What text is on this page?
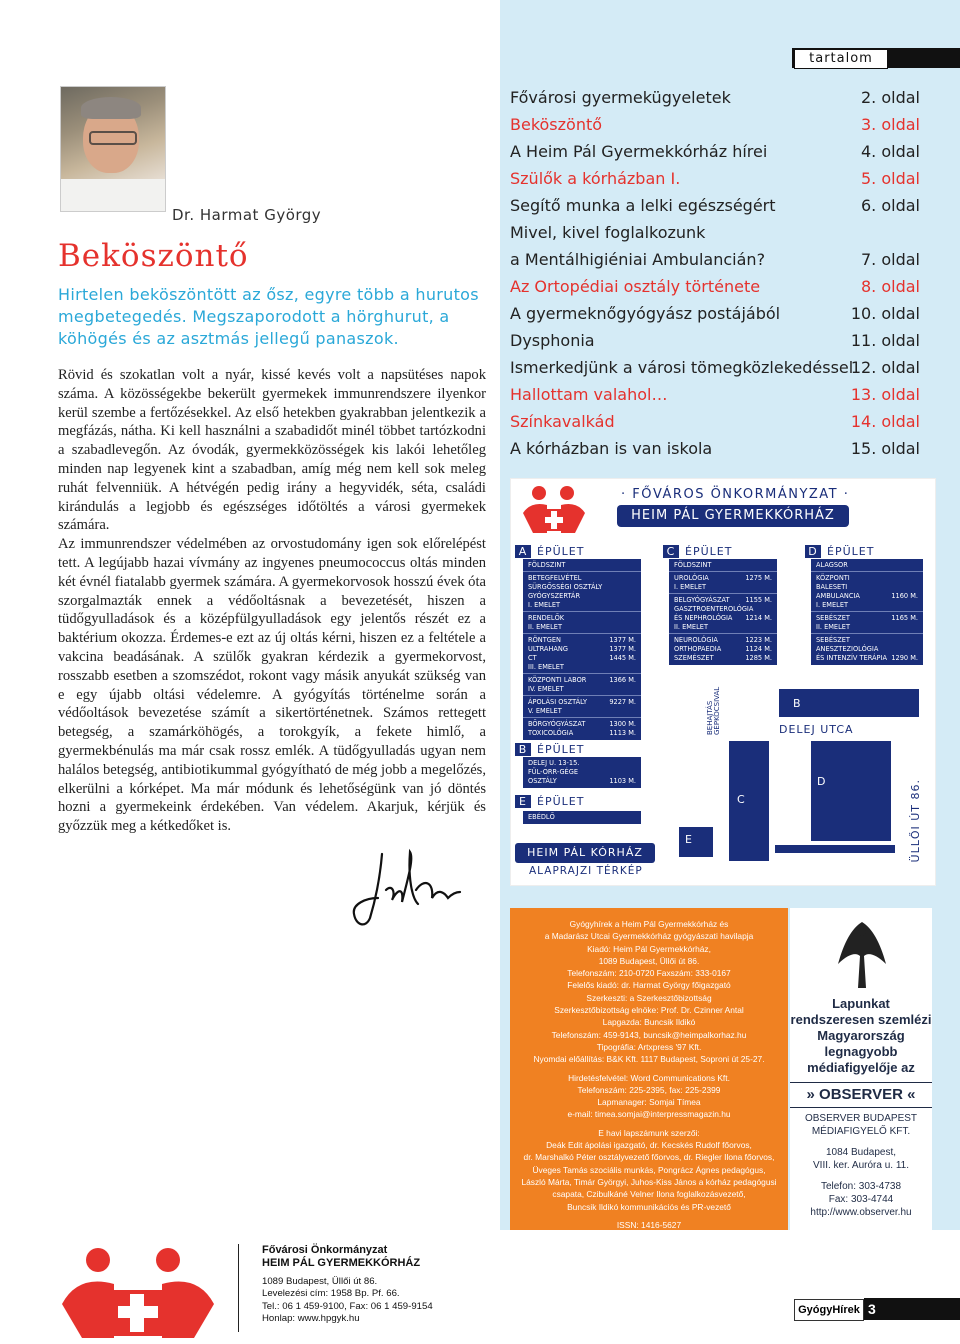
tartalom
Dr. Harmat György
Beköszöntő
Hirtelen beköszöntött az ősz, egyre több a hurutos megbetegedés. Megszaporodott a hörghurut, a köhögés és az asztmás jellegű panaszok.

Rövid és szokatlan volt a nyár, kissé kevés volt a napsütéses napok száma. A közösségekbe bekerült gyermekek immunrendszere ilyenkor kerül szembe a fertőzésekkel. Az első hetekben gyakrabban jelentkezik a megfázás, nátha. Ki kell használni a szabadidőt minél többet tartózkodni a szabadlevegőn. Az óvodák, gyermekközösségek kis lakói lehetőleg minden nap legyenek kint a szabadban, amíg még nem kell sok meleg ruhát felvenniük. A hétvégén pedig irány a hegyvidék, séta, családi kirándulás a legjobb és egészséges időtöltés a városi gyermekek számára.

Az immunrendszer védelmében az orvostudomány igen sok előrelépést tett. A legújabb hazai vívmány az ingyenes pneumococcus oltás minden két évnél fiatalabb gyermek számára. A gyermekorvosok hosszú évek óta szorgalmazták ennek a védőoltásnak a bevezetését, hiszen a tüdőgyulladások és a középfülgyulladások egy jelentős részét ez a baktérium okozza. Érdemes-e ezt az új oltás kérni, hiszen ez a feltétele a vakcina beadásának. A szülők gyakran kérdezik a gyermekorvost, rosszabb esetben a szomszédot, rokont vagy másik anyukát szükség van e egy újabb oltási védelemre. A gyógyítás történelme során a védőoltások bevezetése számít a sikertörténetnek. Számos rettegett betegség, a szamárköhögés, a torokgyík, a fekete himlő, a gyermekbénulás ma már csak rossz emlék. A tüdőgyulladás ugyan nem halálos betegség, antibiotikummal gyógyítható de még jobb a megelőzés, elkerülni a kórképet. Ma már módunk és lehetőségünk van jó döntés hozni a gyermekeink érdekében. Van védelem. Akarjuk, kérjük és győzzük meg a kétkedőket is.

Fővárosi gyermekügyeletek	2. oldal
Beköszöntő	3. oldal
A Heim Pál Gyermekkórház hírei	4. oldal
Szülők a kórházban I.	5. oldal
Segítő munka a lelki egészségért	6. oldal
Mivel, kivel foglalkozunk
a Mentálhigiéniai Ambulancián?	7. oldal
Az Ortopédiai osztály története	8. oldal
A gyermeknőgyógyász postájából	10. oldal
Dysphonia	11. oldal
Ismerkedjünk a városi tömegközlekedéssel
12. oldal
Hallottam valahol…	13. oldal
Színkavalkád	14. oldal
A kórházban is van iskola	15. oldal
· FŐVÁROS ÖNKORMÁNYZAT ·
HEIM PÁL GYERMEKKÓRHÁZ
A ÉPÜLET
FÖLDSZINT
BETEGFELVÉTEL
SÜRGŐSSÉGI OSZTÁLY
GYÓGYSZERTÁR
I. EMELET
RENDELŐK
II. EMELET
RÖNTGEN	1377 M.
ULTRAHANG	1377 M.
CT	1445 M.
III. EMELET
KÖZPONTI LABOR	1366 M.
IV. EMELET
ÁPOLÁSI OSZTÁLY	9227 M.
V. EMELET
BŐRGYÓGYÁSZAT	1300 M.
TOXICOLÓGIA	1113 M.
B ÉPÜLET
DELEJ U. 13-15.
FÜL-ORR-GÉGE
OSZTÁLY	1103 M.
E ÉPÜLET
EBÉDLŐ
C ÉPÜLET
FÖLDSZINT
UROLÓGIA	1275 M.
I. EMELET
BELGYÓGYÁSZAT 1155 M.
GASZTROENTEROLÓGIA
ÉS NEPHROLÓGIA 1214 M.
II. EMELET
NEUROLÓGIA	1223 M.
ORTHOPAEDIA	1124 M.
SZEMÉSZET	1285 M.
D ÉPÜLET
ALAGSOR
KÖZPONTI
BALESETI
AMBULANCIA	1160 M.
I. EMELET
SEBÉSZET	1165 M.
II. EMELET
SEBÉSZET
ANESZTEZIOLÓGIA
ÉS INTENZÍV TERÁPIA 1290 M.
BEHAJTÁS GÉPKOCSIVAL	DELEJ UTCA
ÜLLŐI ÚT 86.
B
D
C
E
HEIM PÁL KÓRHÁZ
ALAPRAJZI TÉRKÉP
Gyógyhírek a Heim Pál Gyermekkórház és
a Madarász Utcai Gyermekkórház gyógyászati havilapja
Kiadó: Heim Pál Gyermekkórház,
1089 Budapest, Üllői út 86.
Telefonszám: 210-0720 Faxszám: 333-0167
Felelős kiadó: dr. Harmat György főigazgató
Szerkeszti: a Szerkesztőbizottság
Szerkesztőbizottság elnöke: Prof. Dr. Czinner Antal
Lapgazda: Buncsik Ildikó
Telefonszám: 459-9143, buncsik@heimpalkorhaz.hu
Tipográfia: Artxpress '97 Kft.
Nyomdai előállítás: B&K Kft. 1117 Budapest, Soproni út 25-27.
Hirdetésfelvétel: Word Communications Kft.
Telefonszám: 225-2395, fax: 225-2399
Lapmanager: Somjai Tímea
e-mail: timea.somjai@interpressmagazin.hu
E havi lapszámunk szerzői:
Deák Edit ápolási igazgató, dr. Kecskés Rudolf főorvos,
dr. Marshalkó Péter osztályvezető főorvos, dr. Riegler Ilona főorvos,
Üveges Tamás szociális munkás, Pongrácz Ágnes pedagógus,
László Márta, Timár Györgyi, Juhos-Kiss János a kórház pedagógusi
csapata, Czibulkáné Velner Ilona foglalkozásvezető,
Buncsik Ildikó kommunikációs és PR-vezető
ISSN: 1416-5627
Lapunkat
rendszeresen szemlézi
Magyarország
legnagyobb
médiafigyelője az
» OBSERVER «
OBSERVER BUDAPEST
MÉDIAFIGYELŐ KFT.
1084 Budapest,
VIII. ker. Auróra u. 11.
Telefon: 303-4738
Fax: 303-4744
http://www.observer.hu
Fővárosi Önkormányzat
HEIM PÁL GYERMEKKÓRHÁZ
1089 Budapest, Üllői út 86.
Levelezési cím: 1958 Bp. Pf. 66.
Tel.: 06 1 459-9100, Fax: 06 1 459-9154
Honlap: www.hpgyk.hu
GyógyHírek 3
